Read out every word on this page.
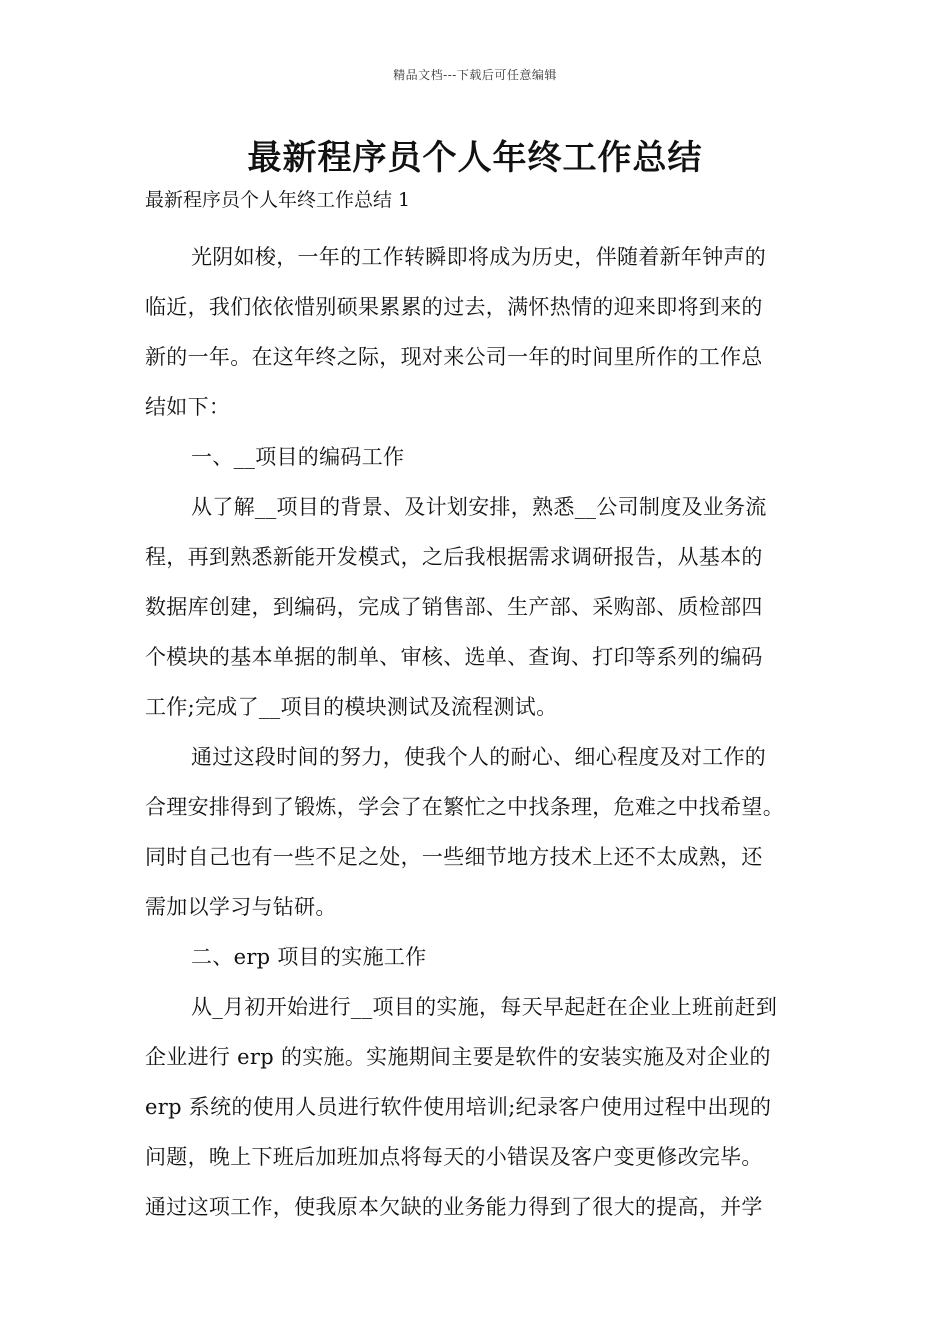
精品文档---下载后可任意编辑
最新程序员个人年终工作总结
最新程序员个人年终工作总结 1
光阴如梭，一年的工作转瞬即将成为历史，伴随着新年钟声的
临近，我们依依惜别硕果累累的过去，满怀热情的迎来即将到来的
新的一年。在这年终之际，现对来公司一年的时间里所作的工作总
结如下：
一、__项目的编码工作
从了解__项目的背景、及计划安排，熟悉__公司制度及业务流
程，再到熟悉新能开发模式，之后我根据需求调研报告，从基本的
数据库创建，到编码，完成了销售部、生产部、采购部、质检部四
个模块的基本单据的制单、审核、选单、查询、打印等系列的编码
工作;完成了__项目的模块测试及流程测试。
通过这段时间的努力，使我个人的耐心、细心程度及对工作的
合理安排得到了锻炼，学会了在繁忙之中找条理，危难之中找希望。
同时自己也有一些不足之处，一些细节地方技术上还不太成熟，还
需加以学习与钻研。
二、erp 项目的实施工作
从_月初开始进行__项目的实施，每天早起赶在企业上班前赶到
企业进行 erp 的实施。实施期间主要是软件的安装实施及对企业的
erp 系统的使用人员进行软件使用培训;纪录客户使用过程中出现的
问题，晚上下班后加班加点将每天的小错误及客户变更修改完毕。
通过这项工作，使我原本欠缺的业务能力得到了很大的提高，并学
